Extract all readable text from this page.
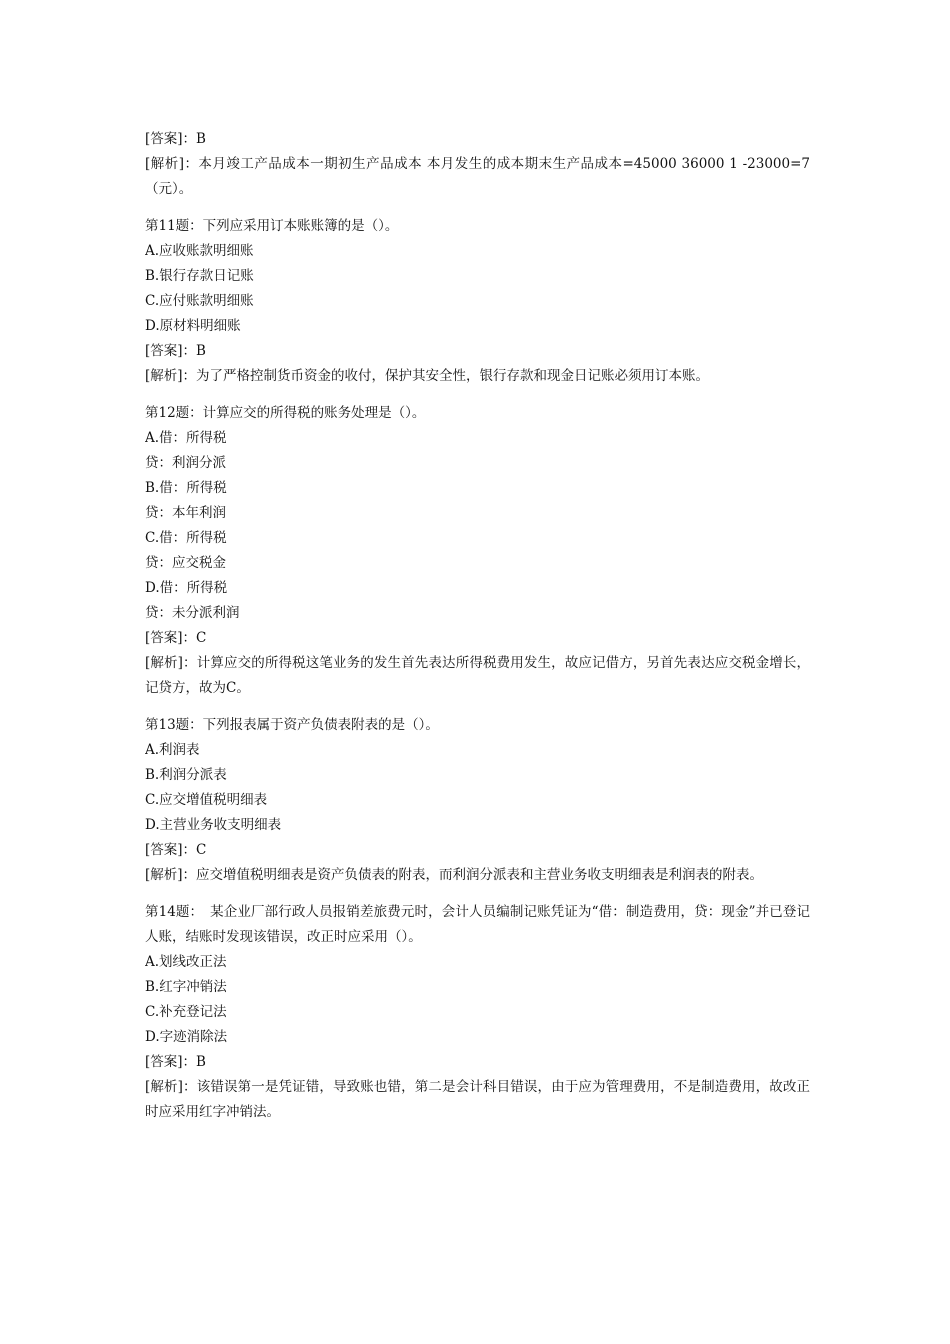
[答案]：B
[解析]：本月竣工产品成本一期初生产品成本 本月发生的成本期末生产品成本=45000 36000 1 -23000=7（元）。
第11题：下列应采用订本账账簿的是（）。
A.应收账款明细账
B.银行存款日记账
C.应付账款明细账
D.原材料明细账
[答案]：B
[解析]：为了严格控制货币资金的收付，保护其安全性，银行存款和现金日记账必须用订本账。
第12题：计算应交的所得税的账务处理是（）。
A.借：所得税
贷：利润分派
B.借：所得税
贷：本年利润
C.借：所得税
贷：应交税金
D.借：所得税
贷：未分派利润
[答案]：C
[解析]：计算应交的所得税这笔业务的发生首先表达所得税费用发生，故应记借方，另首先表达应交税金增长，记贷方，故为C。
第13题：下列报表属于资产负债表附表的是（）。
A.利润表
B.利润分派表
C.应交增值税明细表
D.主营业务收支明细表
[答案]：C
[解析]：应交增值税明细表是资产负债表的附表，而利润分派表和主营业务收支明细表是利润表的附表。
第14题：　某企业厂部行政人员报销差旅费元时，会计人员编制记账凭证为“借：制造费用，贷：现金”并已登记人账，结账时发现该错误，改正时应采用（）。
A.划线改正法
B.红字冲销法
C.补充登记法
D.字迹消除法
[答案]：B
[解析]：该错误第一是凭证错，导致账也错，第二是会计科目错误，由于应为管理费用，不是制造费用，故改正时应采用红字冲销法。
